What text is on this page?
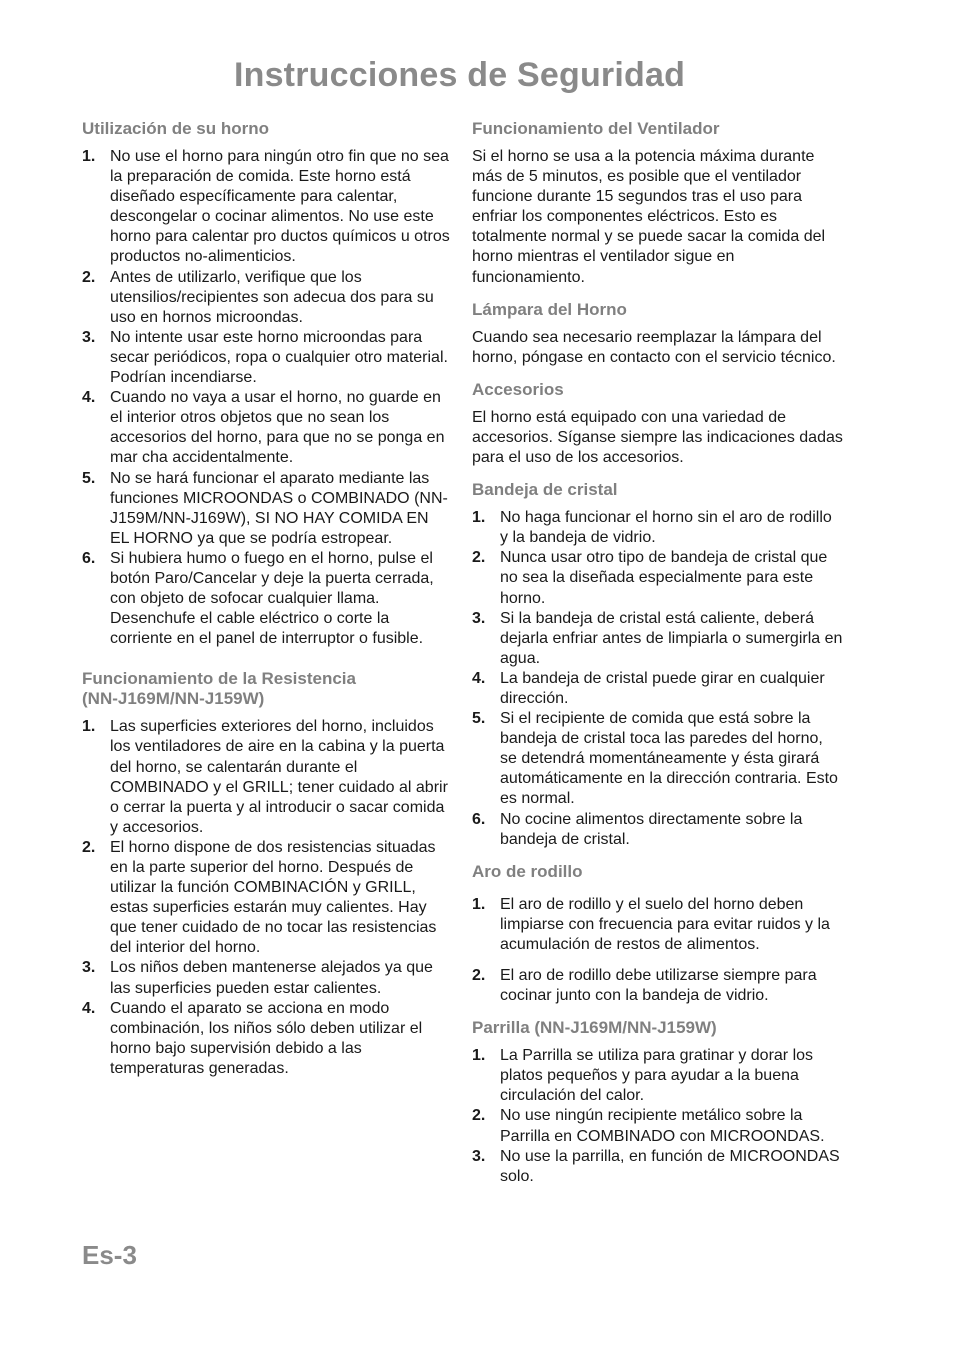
Instrucciones de Seguridad
Utilización de su horno
1. No use el horno para ningún otro fin que no sea la preparación de comida. Este horno está diseñado específicamente para calentar, descongelar o cocinar alimentos. No use este horno para calentar pro ductos químicos u otros productos no-alimenticios.
2. Antes de utilizarlo, verifique que los utensilios/recipientes son adecua dos para su uso en hornos microondas.
3. No intente usar este horno microondas para secar periódicos, ropa o cualquier otro material. Podrían incendiarse.
4. Cuando no vaya a usar el horno, no guarde en el interior otros objetos que no sean los accesorios del horno, para que no se ponga en mar cha accidentalmente.
5. No se hará funcionar el aparato mediante las funciones MICROONDAS o COMBINADO (NN-J159M/NN-J169W), SI NO HAY COMIDA EN EL HORNO ya que se podría estropear.
6. Si hubiera humo o fuego en el horno, pulse el botón Paro/Cancelar y deje la puerta cerrada, con objeto de sofocar cualquier llama. Desenchufe el cable eléctrico o corte la corriente en el panel de interruptor o fusible.
Funcionamiento de la Resistencia
(NN-J169M/NN-J159W)
1. Las superficies exteriores del horno, incluidos los ventiladores de aire en la cabina y la puerta del horno, se calentarán durante el COMBINADO y el GRILL; tener cuidado al abrir o cerrar la puerta y al introducir o sacar comida y accesorios.
2. El horno dispone de dos resistencias situadas en la parte superior del horno. Después de utilizar la función COMBINACIÓN y GRILL, estas superficies estarán muy calientes. Hay que tener cuidado de no tocar las resistencias del interior del horno.
3. Los niños deben mantenerse alejados ya que las superficies pueden estar calientes.
4. Cuando el aparato se acciona en modo combinación, los niños sólo deben utilizar el horno bajo supervisión debido a las temperaturas generadas.
Funcionamiento del Ventilador

Si el horno se usa a la potencia máxima durante más de 5 minutos, es posible que el ventilador funcione durante 15 segundos tras el uso para enfriar los componentes eléctricos. Esto es totalmente normal y se puede sacar la comida del horno mientras el ventilador sigue en funcionamiento.

Lámpara del Horno

Cuando sea necesario reemplazar la lámpara del horno, póngase en contacto con el servicio técnico.

Accesorios

El horno está equipado con una variedad de accesorios. Síganse siempre las indicaciones dadas para el uso de los accesorios.

Bandeja de cristal
1. No haga funcionar el horno sin el aro de rodillo y la bandeja de vidrio.
2. Nunca usar otro tipo de bandeja de cristal que no sea la diseñada especialmente para este horno.
3. Si la bandeja de cristal está caliente, deberá dejarla enfriar antes de limpiarla o sumergirla en agua.
4. La bandeja de cristal puede girar en cualquier dirección.
5. Si el recipiente de comida que está sobre la bandeja de cristal toca las paredes del horno, se detendrá momentáneamente y ésta girará automáticamente en la dirección contraria. Esto es normal.
6. No cocine alimentos directamente sobre la bandeja de cristal.
Aro de rodillo
1. El aro de rodillo y el suelo del horno deben limpiarse con frecuencia para evitar ruidos y la acumulación de restos de alimentos.
2. El aro de rodillo debe utilizarse siempre para cocinar junto con la bandeja de vidrio.
Parrilla (NN-J169M/NN-J159W)
1. La Parrilla se utiliza para gratinar y dorar los platos pequeños y para ayudar a la buena circulación del calor.
2. No use ningún recipiente metálico sobre la Parrilla en COMBINADO con MICROONDAS.
3. No use la parrilla, en función de MICROONDAS solo.
Es-3
